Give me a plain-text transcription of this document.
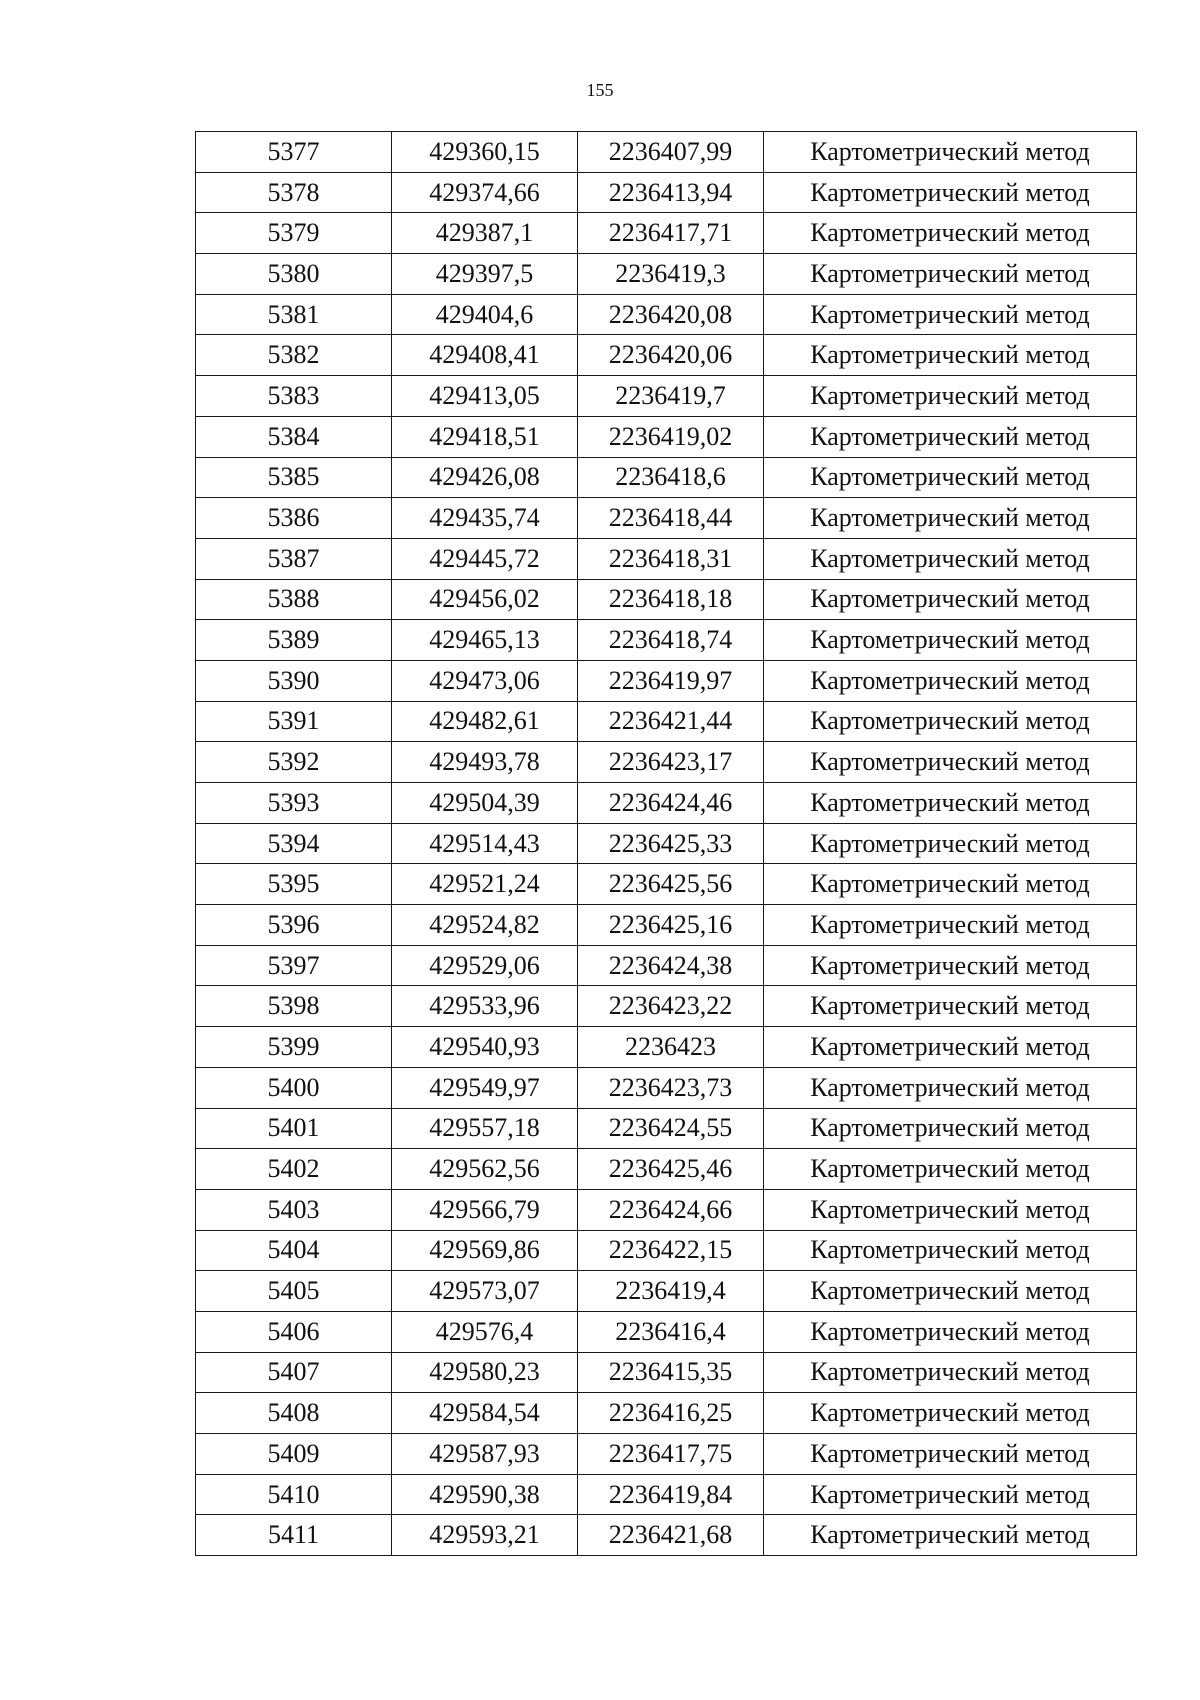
155
5377	429360,15	2236407,99	Картометрический метод
5378	429374,66	2236413,94	Картометрический метод
5379	429387,1	2236417,71	Картометрический метод
5380	429397,5	2236419,3	Картометрический метод
5381	429404,6	2236420,08	Картометрический метод
5382	429408,41	2236420,06	Картометрический метод
5383	429413,05	2236419,7	Картометрический метод
5384	429418,51	2236419,02	Картометрический метод
5385	429426,08	2236418,6	Картометрический метод
5386	429435,74	2236418,44	Картометрический метод
5387	429445,72	2236418,31	Картометрический метод
5388	429456,02	2236418,18	Картометрический метод
5389	429465,13	2236418,74	Картометрический метод
5390	429473,06	2236419,97	Картометрический метод
5391	429482,61	2236421,44	Картометрический метод
5392	429493,78	2236423,17	Картометрический метод
5393	429504,39	2236424,46	Картометрический метод
5394	429514,43	2236425,33	Картометрический метод
5395	429521,24	2236425,56	Картометрический метод
5396	429524,82	2236425,16	Картометрический метод
5397	429529,06	2236424,38	Картометрический метод
5398	429533,96	2236423,22	Картометрический метод
5399	429540,93	2236423	Картометрический метод
5400	429549,97	2236423,73	Картометрический метод
5401	429557,18	2236424,55	Картометрический метод
5402	429562,56	2236425,46	Картометрический метод
5403	429566,79	2236424,66	Картометрический метод
5404	429569,86	2236422,15	Картометрический метод
5405	429573,07	2236419,4	Картометрический метод
5406	429576,4	2236416,4	Картометрический метод
5407	429580,23	2236415,35	Картометрический метод
5408	429584,54	2236416,25	Картометрический метод
5409	429587,93	2236417,75	Картометрический метод
5410	429590,38	2236419,84	Картометрический метод
5411	429593,21	2236421,68	Картометрический метод
